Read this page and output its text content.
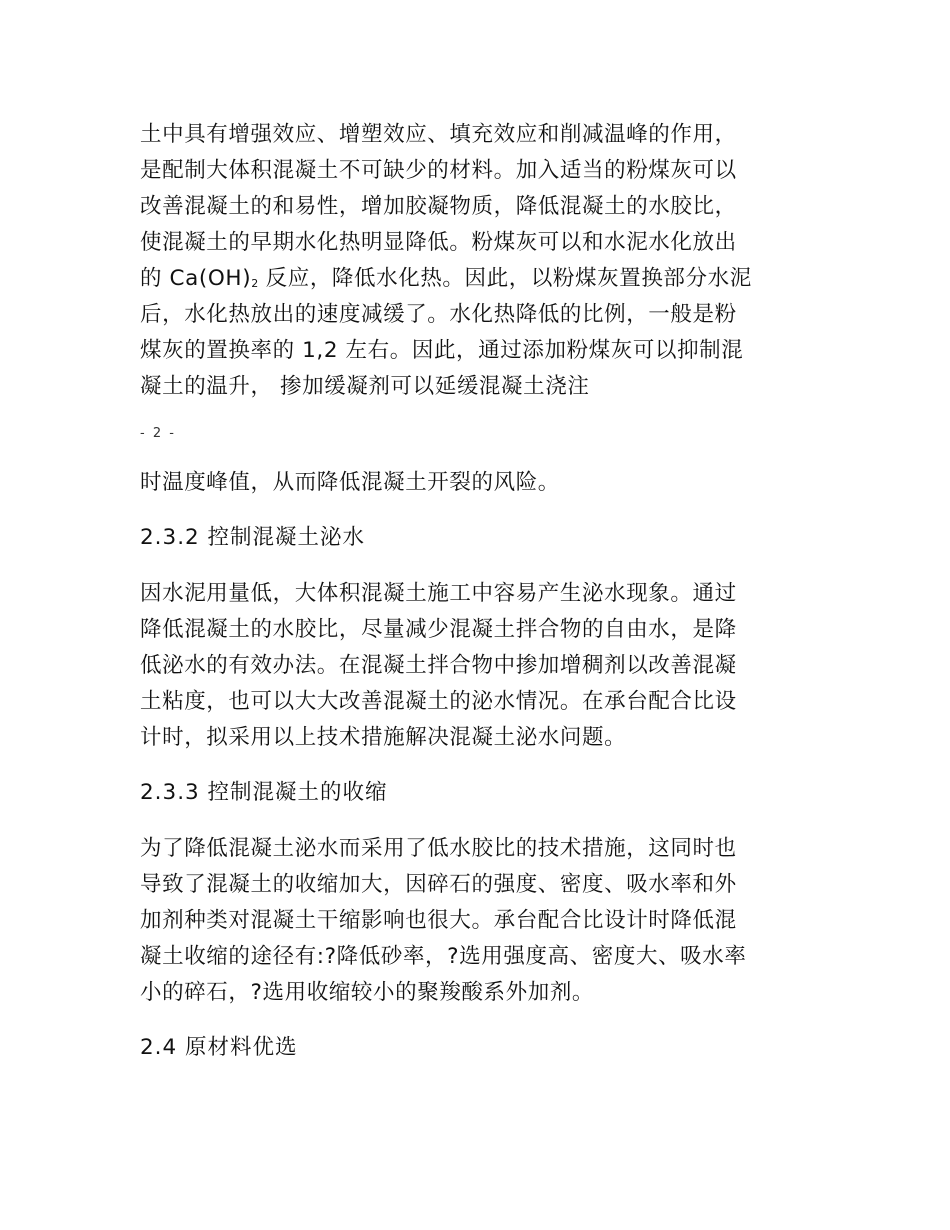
土中具有增强效应、增塑效应、填充效应和削减温峰的作用，
是配制大体积混凝土不可缺少的材料。加入适当的粉煤灰可以
改善混凝土的和易性，增加胶凝物质，降低混凝土的水胶比，
使混凝土的早期水化热明显降低。粉煤灰可以和水泥水化放出
的 $Ca(OH)_2$ 反应，降低水化热。因此，以粉煤灰置换部分水泥
后，水化热放出的速度减缓了。水化热降低的比例，一般是粉
煤灰的置换率的 1,2 左右。因此，通过添加粉煤灰可以抑制混
凝土的温升， 掺加缓凝剂可以延缓混凝土浇注
- 2 -
时温度峰值，从而降低混凝土开裂的风险。
2.3.2 控制混凝土泌水
因水泥用量低，大体积混凝土施工中容易产生泌水现象。通过
降低混凝土的水胶比，尽量减少混凝土拌合物的自由水，是降
低泌水的有效办法。在混凝土拌合物中掺加增稠剂以改善混凝
土粘度，也可以大大改善混凝土的泌水情况。在承台配合比设
计时，拟采用以上技术措施解决混凝土泌水问题。
2.3.3 控制混凝土的收缩
为了降低混凝土泌水而采用了低水胶比的技术措施，这同时也
导致了混凝土的收缩加大，因碎石的强度、密度、吸水率和外
加剂种类对混凝土干缩影响也很大。承台配合比设计时降低混
凝土收缩的途径有:?降低砂率，?选用强度高、密度大、吸水率
小的碎石，?选用收缩较小的聚羧酸系外加剂。
2.4 原材料优选
